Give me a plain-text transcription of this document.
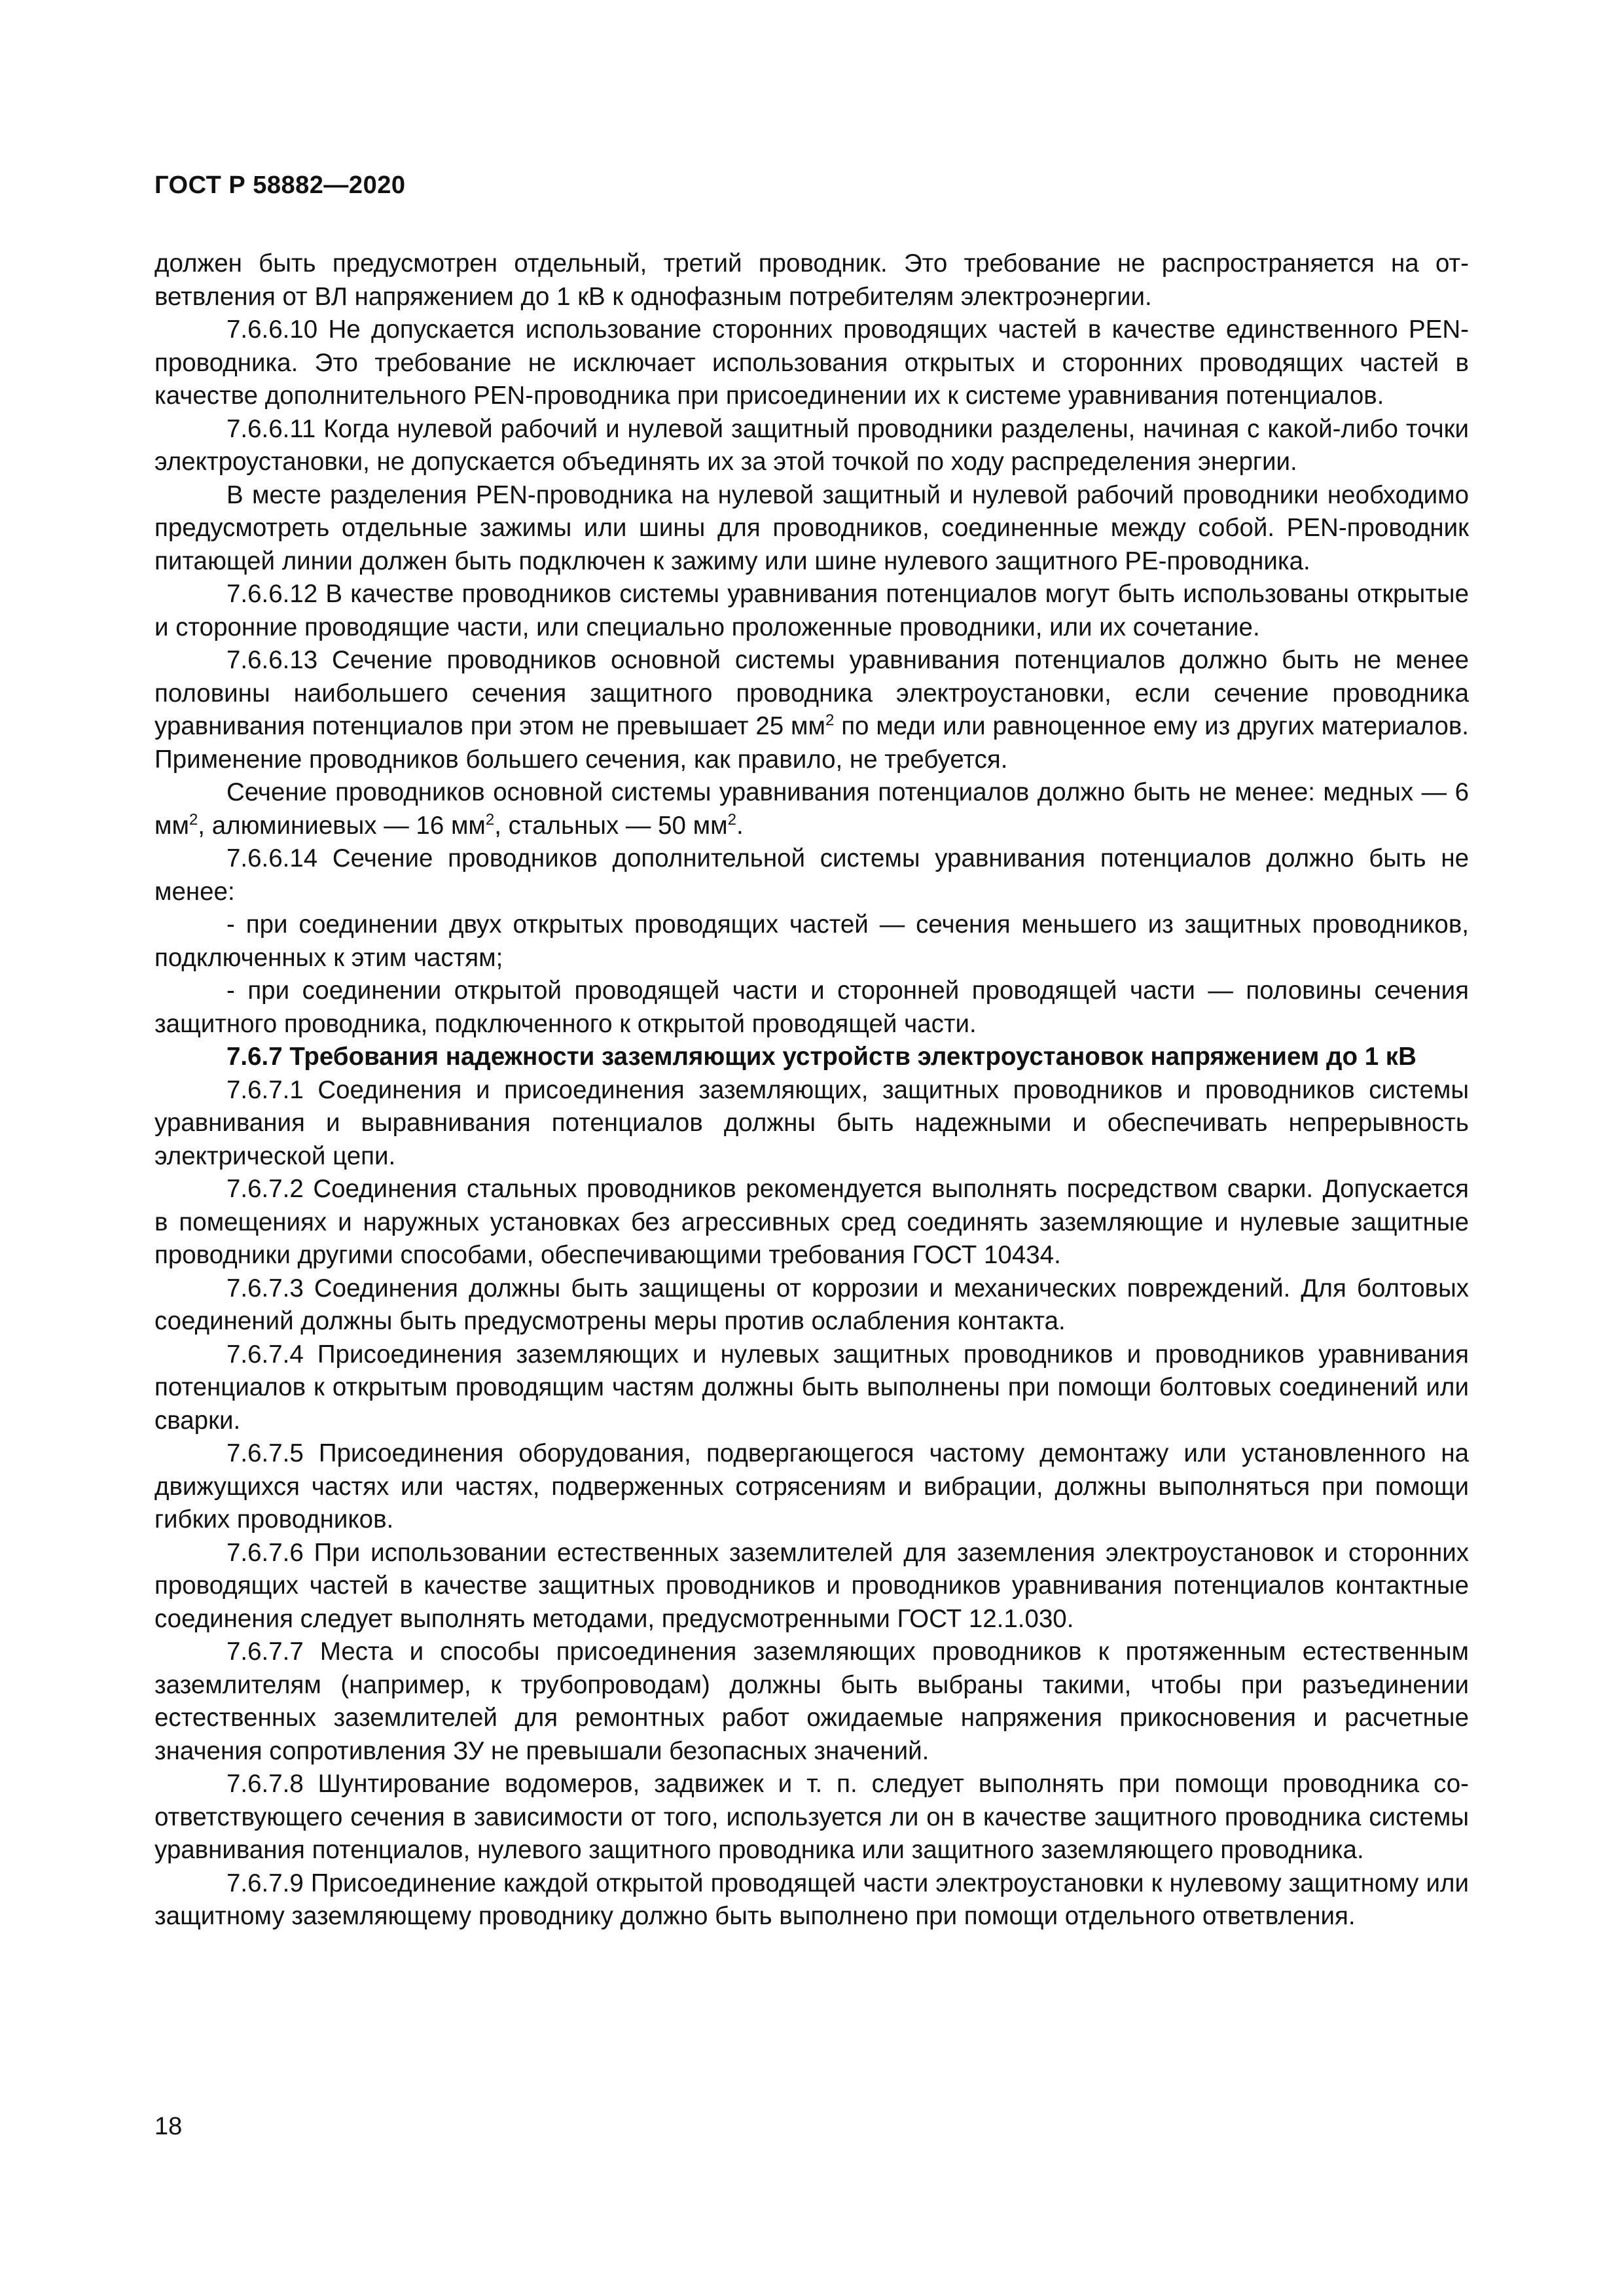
ГОСТ Р 58882—2020

должен быть предусмотрен отдельный, третий проводник. Это требование не распространяется на ответвления от ВЛ напряжением до 1 кВ к однофазным потребителям электроэнергии.

7.6.6.10 Не допускается использование сторонних проводящих частей в качестве единственного PEN-проводника. Это требование не исключает использования открытых и сторонних проводящих частей в качестве дополнительного PEN-проводника при присоединении их к системе уравнивания потенциалов.

7.6.6.11 Когда нулевой рабочий и нулевой защитный проводники разделены, начиная с какой-либо точки электроустановки, не допускается объединять их за этой точкой по ходу распределения энергии.

В месте разделения PEN-проводника на нулевой защитный и нулевой рабочий проводники необходимо предусмотреть отдельные зажимы или шины для проводников, соединенные между собой. PEN-проводник питающей линии должен быть подключен к зажиму или шине нулевого защитного PE-проводника.

7.6.6.12 В качестве проводников системы уравнивания потенциалов могут быть использованы открытые и сторонние проводящие части, или специально проложенные проводники, или их сочетание.

7.6.6.13 Сечение проводников основной системы уравнивания потенциалов должно быть не менее половины наибольшего сечения защитного проводника электроустановки, если сечение проводника уравнивания потенциалов при этом не превышает 25 $мм^2$ по меди или равноценное ему из других материалов. Применение проводников большего сечения, как правило, не требуется.

Сечение проводников основной системы уравнивания потенциалов должно быть не менее: медных — 6 $мм^2$, алюминиевых — 16 $мм^2$, стальных — 50 $мм^2$.

7.6.6.14 Сечение проводников дополнительной системы уравнивания потенциалов должно быть не менее:

- при соединении двух открытых проводящих частей — сечения меньшего из защитных проводников, подключенных к этим частям;

- при соединении открытой проводящей части и сторонней проводящей части — половины сечения защитного проводника, подключенного к открытой проводящей части.

7.6.7 Требования надежности заземляющих устройств электроустановок напряжением до 1 кВ

7.6.7.1 Соединения и присоединения заземляющих, защитных проводников и проводников системы уравнивания и выравнивания потенциалов должны быть надежными и обеспечивать непрерывность электрической цепи.

7.6.7.2 Соединения стальных проводников рекомендуется выполнять посредством сварки. Допускается в помещениях и наружных установках без агрессивных сред соединять заземляющие и нулевые защитные проводники другими способами, обеспечивающими требования ГОСТ 10434.

7.6.7.3 Соединения должны быть защищены от коррозии и механических повреждений. Для болтовых соединений должны быть предусмотрены меры против ослабления контакта.

7.6.7.4 Присоединения заземляющих и нулевых защитных проводников и проводников уравнивания потенциалов к открытым проводящим частям должны быть выполнены при помощи болтовых соединений или сварки.

7.6.7.5 Присоединения оборудования, подвергающегося частому демонтажу или установленного на движущихся частях или частях, подверженных сотрясениям и вибрации, должны выполняться при помощи гибких проводников.

7.6.7.6 При использовании естественных заземлителей для заземления электроустановок и сторонних проводящих частей в качестве защитных проводников и проводников уравнивания потенциалов контактные соединения следует выполнять методами, предусмотренными ГОСТ 12.1.030.

7.6.7.7 Места и способы присоединения заземляющих проводников к протяженным естественным заземлителям (например, к трубопроводам) должны быть выбраны такими, чтобы при разъединении естественных заземлителей для ремонтных работ ожидаемые напряжения прикосновения и расчетные значения сопротивления ЗУ не превышали безопасных значений.

7.6.7.8 Шунтирование водомеров, задвижек и т. п. следует выполнять при помощи проводника соответствующего сечения в зависимости от того, используется ли он в качестве защитного проводника системы уравнивания потенциалов, нулевого защитного проводника или защитного заземляющего проводника.

7.6.7.9 Присоединение каждой открытой проводящей части электроустановки к нулевому защитному или защитному заземляющему проводнику должно быть выполнено при помощи отдельного ответвления.

18
